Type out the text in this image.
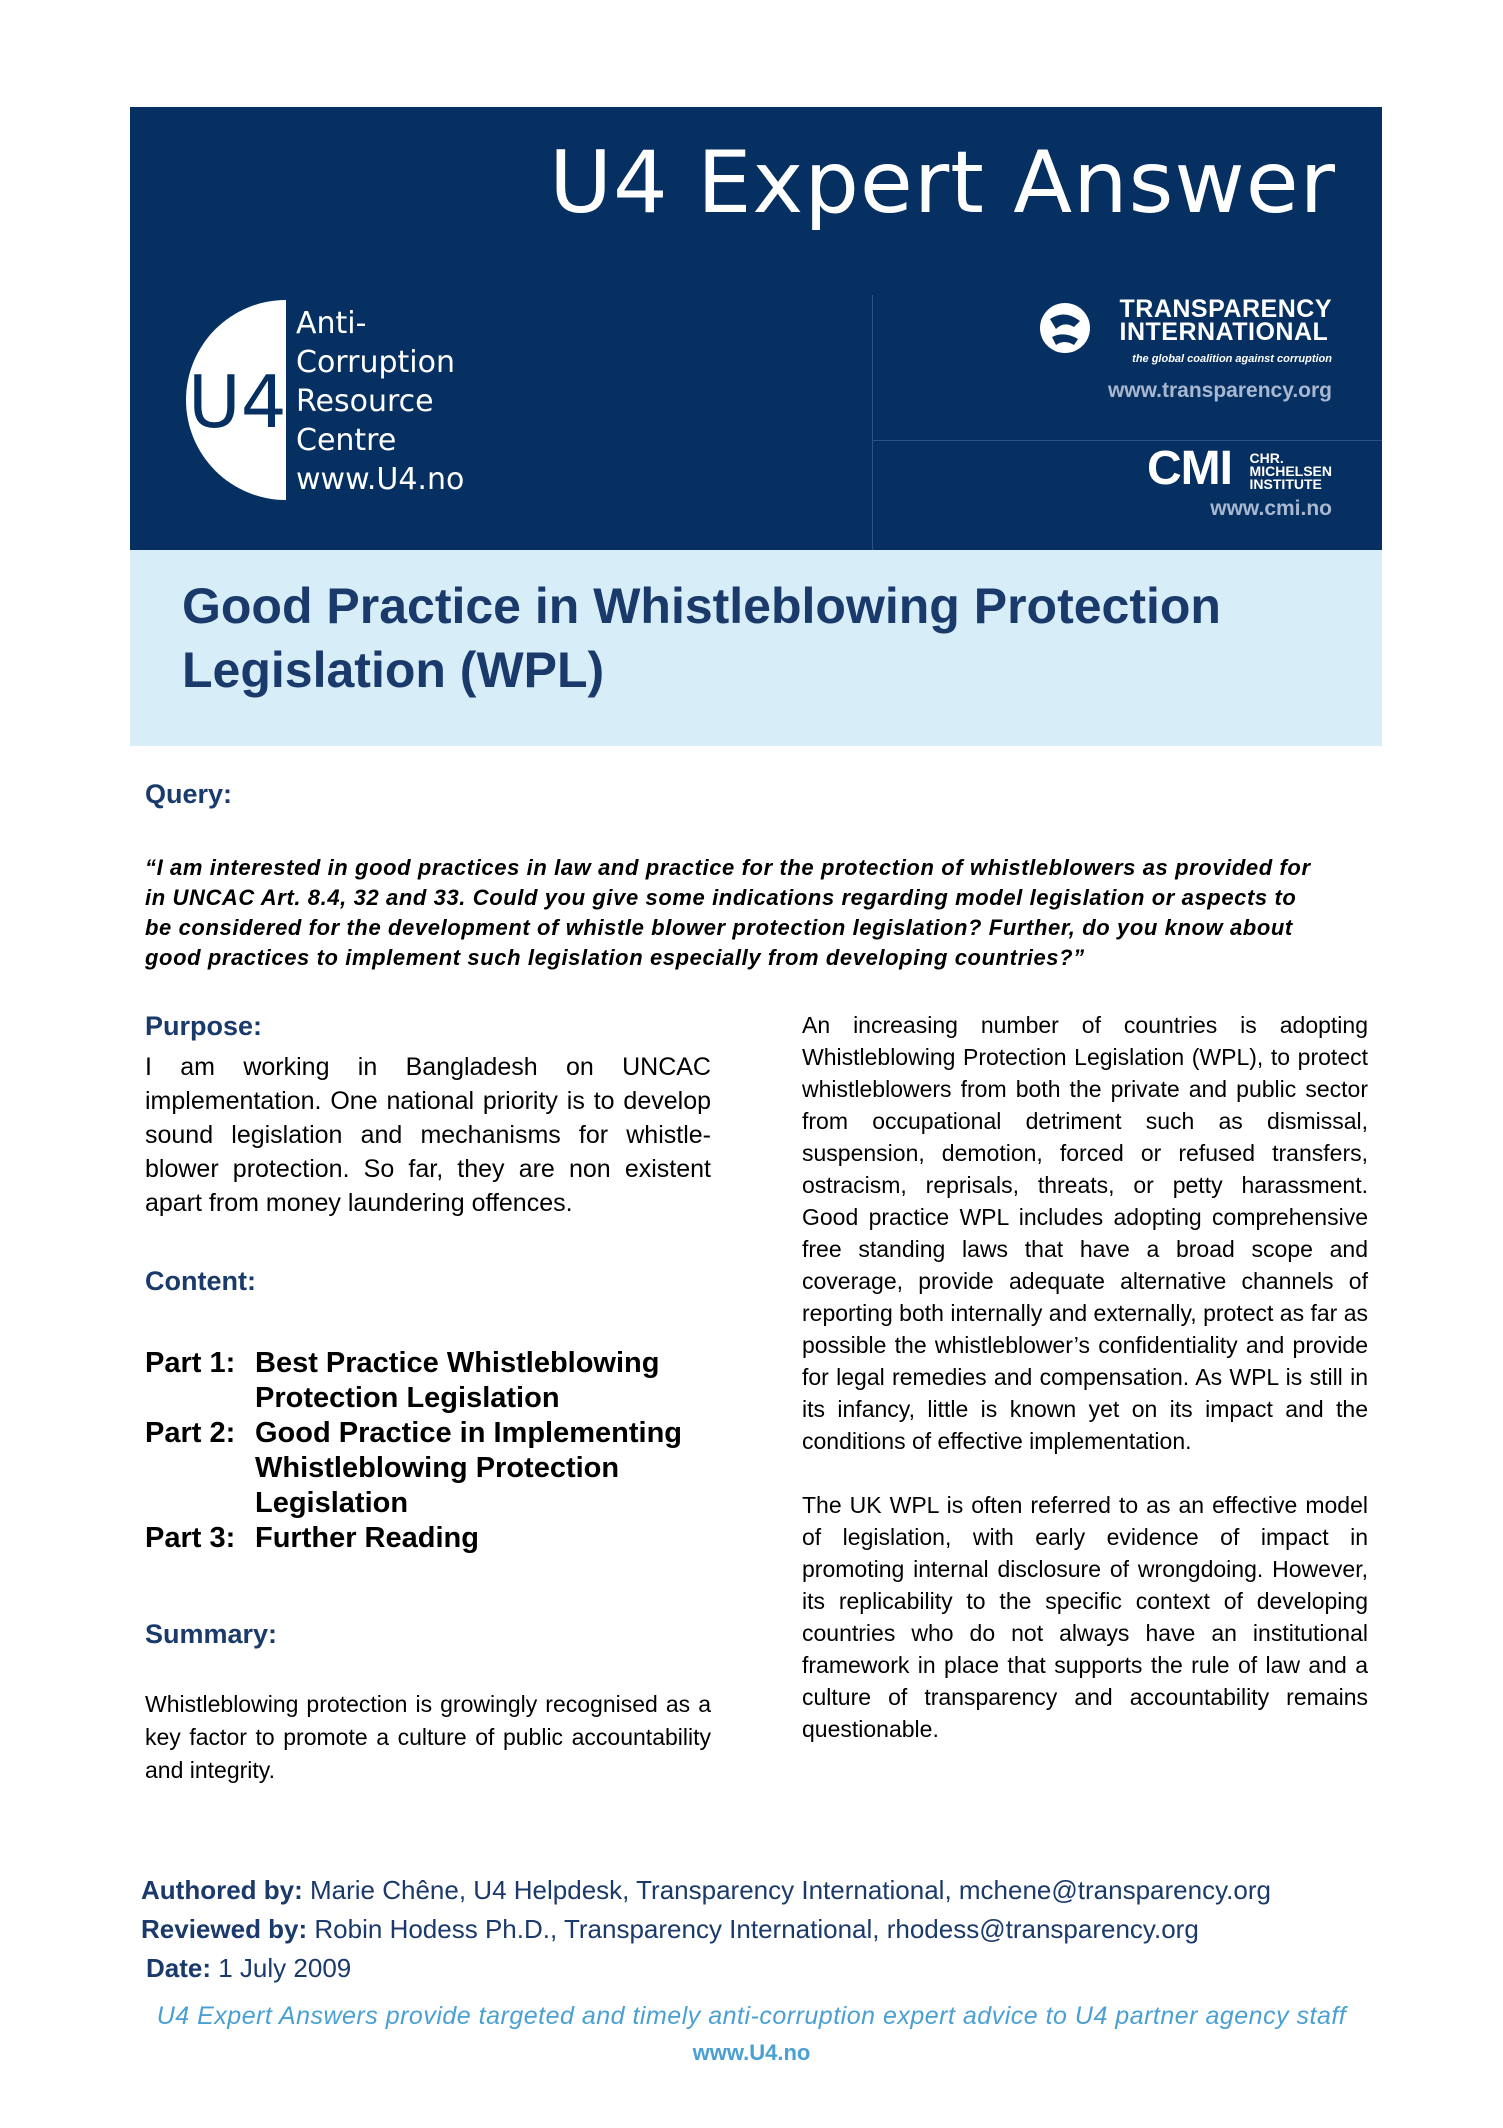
U4 Expert Answer
U4
Anti-
Corruption
Resource
Centre
www.U4.no
TRANSPARENCY
INTERNATIONAL
the global coalition against corruption
www.transparency.org
CMI CHR.
MICHELSEN
INSTITUTE
www.cmi.no
Good Practice in Whistleblowing Protection Legislation (WPL)
Query:
“I am interested in good practices in law and practice for the protection of whistleblowers as provided for in UNCAC Art. 8.4, 32 and 33. Could you give some indications regarding model legislation or aspects to be considered for the development of whistle blower protection legislation? Further, do you know about good practices to implement such legislation especially from developing countries?”
Purpose:
I am working in Bangladesh on UNCAC implementation. One national priority is to develop sound legislation and mechanisms for whistle-blower protection. So far, they are non existent apart from money laundering offences.
Content:
Part 1: Best Practice Whistleblowing Protection Legislation
Part 2: Good Practice in Implementing Whistleblowing Protection Legislation
Part 3: Further Reading
Summary:
Whistleblowing protection is growingly recognised as a key factor to promote a culture of public accountability and integrity.

An increasing number of countries is adopting Whistleblowing Protection Legislation (WPL), to protect whistleblowers from both the private and public sector from occupational detriment such as dismissal, suspension, demotion, forced or refused transfers, ostracism, reprisals, threats, or petty harassment. Good practice WPL includes adopting comprehensive free standing laws that have a broad scope and coverage, provide adequate alternative channels of reporting both internally and externally, protect as far as possible the whistleblower’s confidentiality and provide for legal remedies and compensation. As WPL is still in its infancy, little is known yet on its impact and the conditions of effective implementation.

The UK WPL is often referred to as an effective model of legislation, with early evidence of impact in promoting internal disclosure of wrongdoing. However, its replicability to the specific context of developing countries who do not always have an institutional framework in place that supports the rule of law and a culture of transparency and accountability remains questionable.

Authored by: Marie Chêne, U4 Helpdesk, Transparency International, mchene@transparency.org
Reviewed by: Robin Hodess Ph.D., Transparency International, rhodess@transparency.org
Date: 1 July 2009
U4 Expert Answers provide targeted and timely anti-corruption expert advice to U4 partner agency staff
www.U4.no
